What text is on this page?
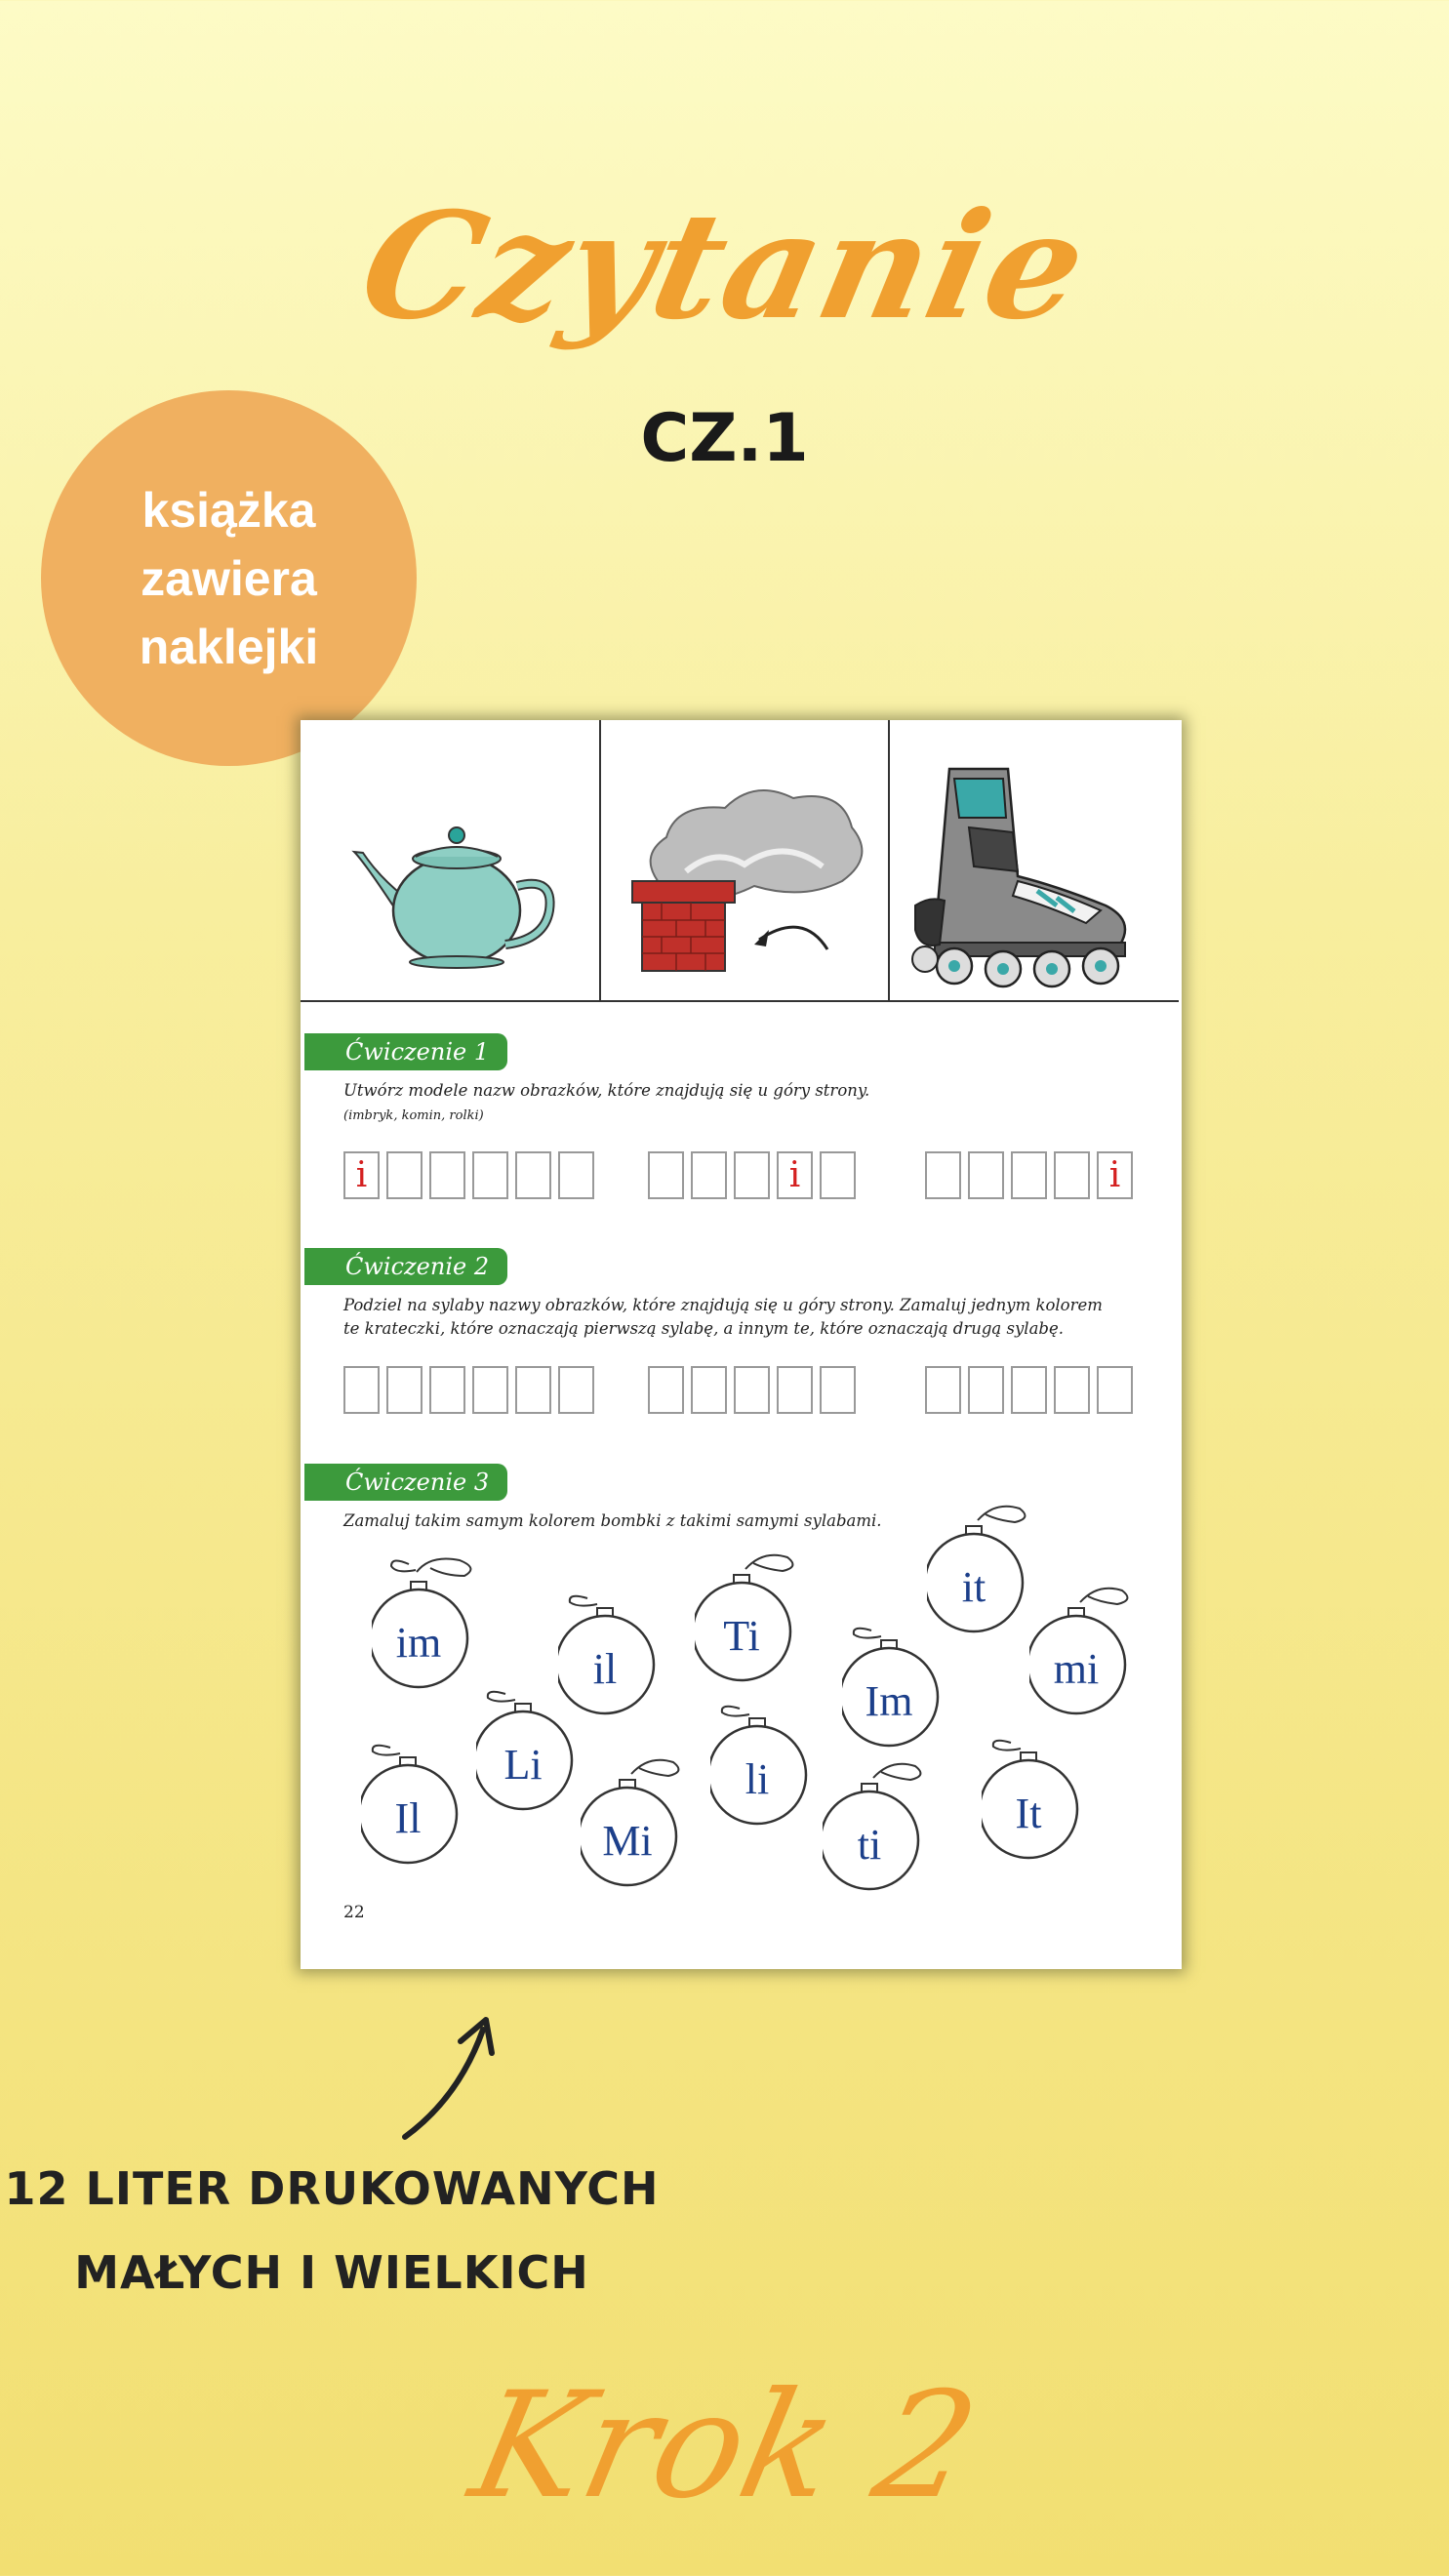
Czytanie
CZ.1
książka zawiera naklejki
Ćwiczenie 1
Utwórz modele nazw obrazków, które znajdują się u góry strony.
(imbryk, komin, rolki)
i	i	i
Ćwiczenie 2
Podziel na sylaby nazwy obrazków, które znajdują się u góry strony. Zamaluj jednym kolorem
te krateczki, które oznaczają pierwszą sylabę, a innym te, które oznaczają drugą sylabę.
Ćwiczenie 3
Zamaluj takim samym kolorem bombki z takimi samymi sylabami.
im
il
Ti
Im
it
mi
Li	li
Il	Mi	ti
It
22
12 LITER DRUKOWANYCH
MAŁYCH I WIELKICH
Krok 2
